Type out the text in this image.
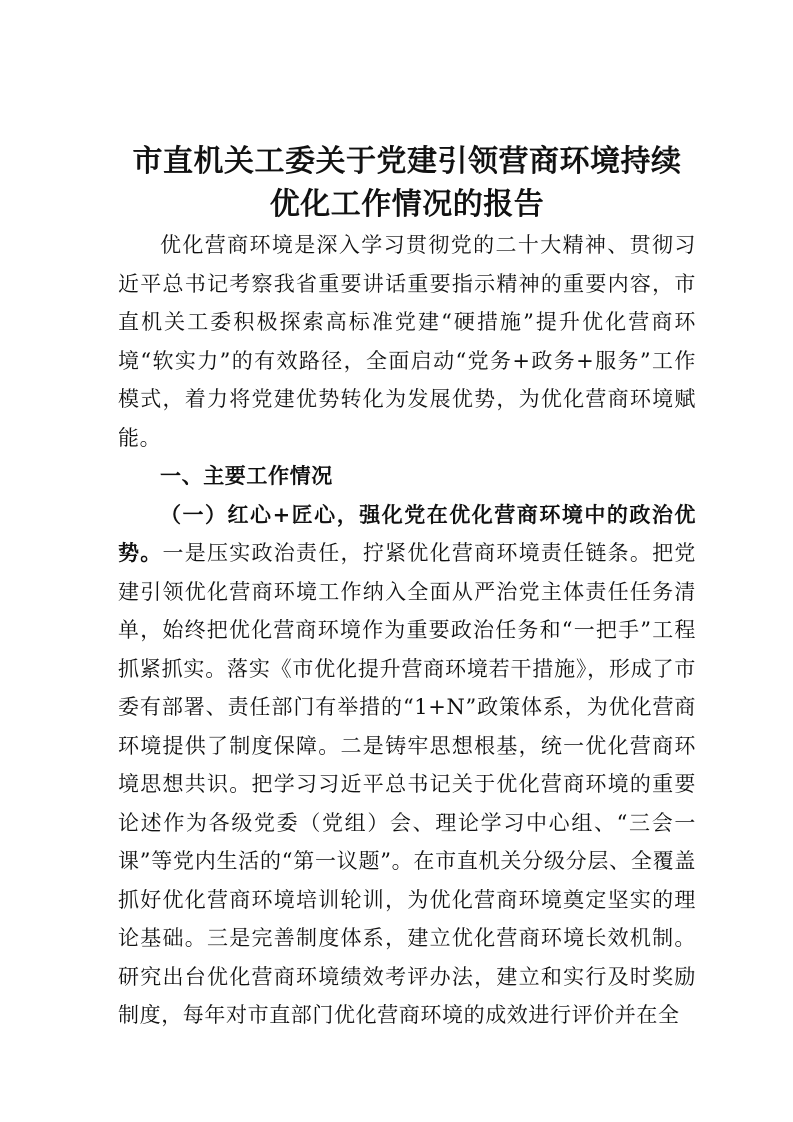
市直机关工委关于党建引领营商环境持续优化工作情况的报告

优化营商环境是深入学习贯彻党的二十大精神、贯彻习近平总书记考察我省重要讲话重要指示精神的重要内容，市直机关工委积极探索高标准党建“硬措施”提升优化营商环境“软实力”的有效路径，全面启动“党务+政务+服务”工作模式，着力将党建优势转化为发展优势，为优化营商环境赋能。

一、主要工作情况

（一）红心+匠心，强化党在优化营商环境中的政治优势。一是压实政治责任，拧紧优化营商环境责任链条。把党建引领优化营商环境工作纳入全面从严治党主体责任任务清单，始终把优化营商环境作为重要政治任务和“一把手”工程抓紧抓实。落实《市优化提升营商环境若干措施》，形成了市委有部署、责任部门有举措的“1+N”政策体系，为优化营商环境提供了制度保障。二是铸牢思想根基，统一优化营商环境思想共识。把学习习近平总书记关于优化营商环境的重要论述作为各级党委（党组）会、理论学习中心组、“三会一课”等党内生活的“第一议题”。在市直机关分级分层、全覆盖抓好优化营商环境培训轮训，为优化营商环境奠定坚实的理论基础。三是完善制度体系，建立优化营商环境长效机制。研究出台优化营商环境绩效考评办法，建立和实行及时奖励制度，每年对市直部门优化营商环境的成效进行评价并在全
